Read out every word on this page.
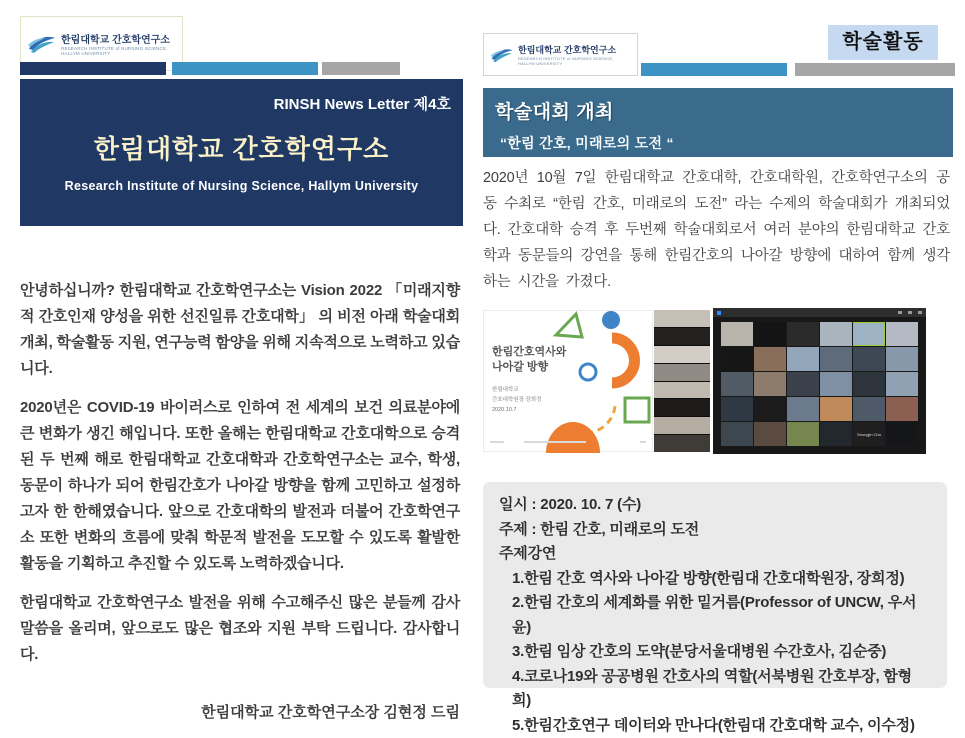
한림대학교 간호학연구소
RESEARCH INSTITUTE of NURSING SCIENCE,
HALLYM UNIVERSITY
RINSH News Letter 제4호
한림대학교 간호학연구소
Research Institute of Nursing Science, Hallym University

안녕하십니까? 한림대학교 간호학연구소는 Vision 2022 「미래지향적 간호인재 양성을 위한 선진일류 간호대학」 의 비전 아래 학술대회 개최, 학술활동 지원, 연구능력 함양을 위해 지속적으로 노력하고 있습니다.

2020년은 COVID-19 바이러스로 인하여 전 세계의 보건 의료분야에 큰 변화가 생긴 해입니다. 또한 올해는 한림대학교 간호대학으로 승격된 두 번째 해로 한림대학교 간호대학과 간호학연구소는 교수, 학생, 동문이 하나가 되어 한림간호가 나아갈 방향을 함께 고민하고 설정하고자 한 한해였습니다. 앞으로 간호대학의 발전과 더불어 간호학연구소 또한 변화의 흐름에 맞춰 학문적 발전을 도모할 수 있도록 활발한 활동을 기획하고 추진할 수 있도록 노력하겠습니다.

한림대학교 간호학연구소 발전을 위해 수고해주신 많은 분들께 감사 말씀을 올리며, 앞으로도 많은 협조와 지원 부탁 드립니다. 감사합니다.

한림대학교 간호학연구소장 김현정 드림
한림대학교 간호학연구소
RESEARCH INSTITUTE of NURSING SCIENCE,
HALLYM UNIVERSITY
학술활동
학술대회 개최
“한림 간호, 미래로의 도전 “

2020년 10월 7일 한림대학교 간호대학, 간호대학원, 간호학연구소의 공동 수최로 “한림 간호, 미래로의 도전” 라는 수제의 학술대회가 개최되었다. 간호대학 승격 후 두번째 학술대회로서 여러 분야의 한림대학교 간호학과 동문들의 강연을 통해 한림간호의 나아갈 방향에 대하여 함께 생각하는 시간을 가졌다.

한림간호역사와
나아갈 방향
한림대학교
간호대학원장 장희정
2020.10.7
Seungjin Cho
일시 : 2020. 10. 7 (수)
주제 : 한림 간호, 미래로의 도전
주제강연
1.한림 간호 역사와 나아갈 방향(한림대 간호대학원장, 장희정)
2.한림 간호의 세계화를 위한 밑거름(Professor of UNCW, 우서윤)
3.한림 임상 간호의 도약(분당서울대병원 수간호사, 김순중)
4.코로나19와 공공병원 간호사의 역할(서북병원 간호부장, 함형희)
5.한림간호연구 데이터와 만나다(한림대 간호대학 교수, 이수정)
